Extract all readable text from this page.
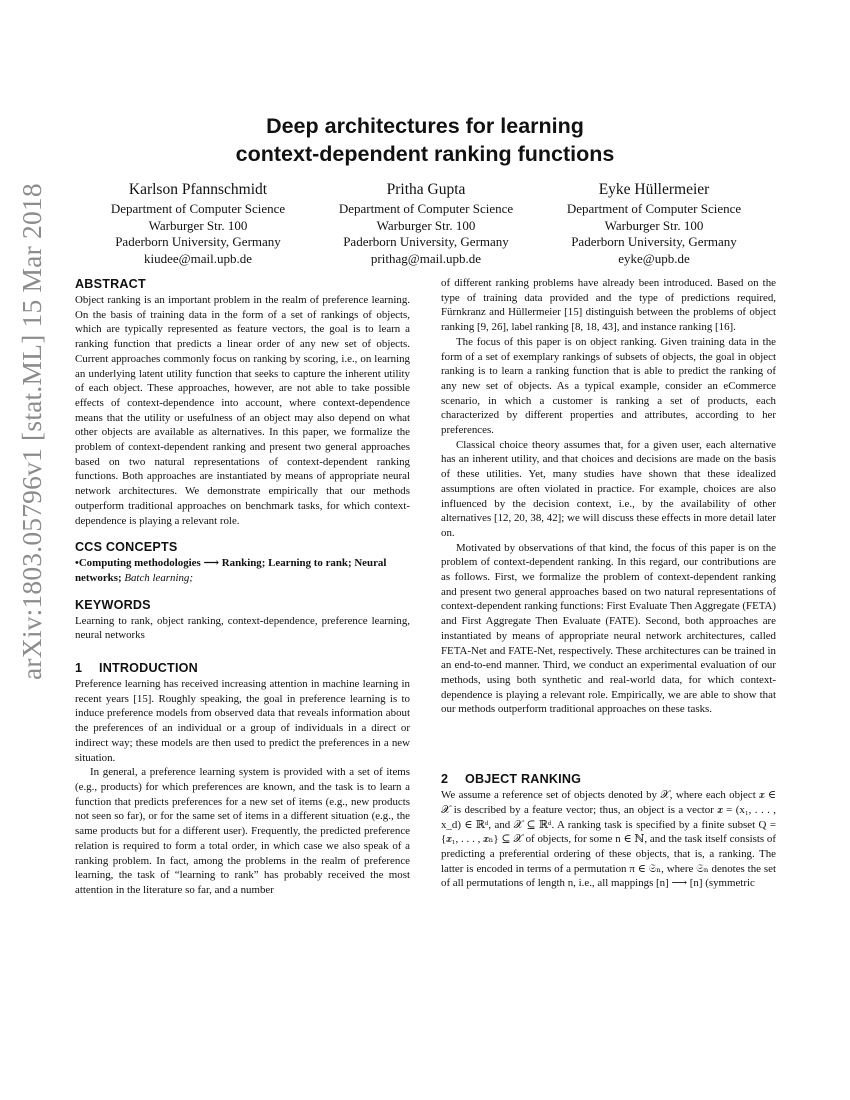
arXiv:1803.05796v1 [stat.ML] 15 Mar 2018
Deep architectures for learning
context-dependent ranking functions
Karlson Pfannschmidt
Department of Computer Science
Warburger Str. 100
Paderborn University, Germany
kiudee@mail.upb.de
Pritha Gupta
Department of Computer Science
Warburger Str. 100
Paderborn University, Germany
prithag@mail.upb.de
Eyke Hüllermeier
Department of Computer Science
Warburger Str. 100
Paderborn University, Germany
eyke@upb.de
ABSTRACT

Object ranking is an important problem in the realm of preference learning. On the basis of training data in the form of a set of rankings of objects, which are typically represented as feature vectors, the goal is to learn a ranking function that predicts a linear order of any new set of objects. Current approaches commonly focus on ranking by scoring, i.e., on learning an underlying latent utility function that seeks to capture the inherent utility of each object. These approaches, however, are not able to take possible effects of context-dependence into account, where context-dependence means that the utility or usefulness of an object may also depend on what other objects are available as alternatives. In this paper, we formalize the problem of context-dependent ranking and present two general approaches based on two natural representations of context-dependent ranking functions. Both approaches are instantiated by means of appropriate neural network architectures. We demonstrate empirically that our methods outperform traditional approaches on benchmark tasks, for which context-dependence is playing a relevant role.

CCS CONCEPTS

•Computing methodologies ⟶ Ranking; Learning to rank; Neural networks; Batch learning;

KEYWORDS

Learning to rank, object ranking, context-dependence, preference learning, neural networks

1 INTRODUCTION

Preference learning has received increasing attention in machine learning in recent years [15]. Roughly speaking, the goal in preference learning is to induce preference models from observed data that reveals information about the preferences of an individual or a group of individuals in a direct or indirect way; these models are then used to predict the preferences in a new situation.

In general, a preference learning system is provided with a set of items (e.g., products) for which preferences are known, and the task is to learn a function that predicts preferences for a new set of items (e.g., new products not seen so far), or for the same set of items in a different situation (e.g., the same products but for a different user). Frequently, the predicted preference relation is required to form a total order, in which case we also speak of a ranking problem. In fact, among the problems in the realm of preference learning, the task of “learning to rank” has probably received the most attention in the literature so far, and a number

of different ranking problems have already been introduced. Based on the type of training data provided and the type of predictions required, Fürnkranz and Hüllermeier [15] distinguish between the problems of object ranking [9, 26], label ranking [8, 18, 43], and instance ranking [16].

The focus of this paper is on object ranking. Given training data in the form of a set of exemplary rankings of subsets of objects, the goal in object ranking is to learn a ranking function that is able to predict the ranking of any new set of objects. As a typical example, consider an eCommerce scenario, in which a customer is ranking a set of products, each characterized by different properties and attributes, according to her preferences.

Classical choice theory assumes that, for a given user, each alternative has an inherent utility, and that choices and decisions are made on the basis of these utilities. Yet, many studies have shown that these idealized assumptions are often violated in practice. For example, choices are also influenced by the decision context, i.e., by the availability of other alternatives [12, 20, 38, 42]; we will discuss these effects in more detail later on.

Motivated by observations of that kind, the focus of this paper is on the problem of context-dependent ranking. In this regard, our contributions are as follows. First, we formalize the problem of context-dependent ranking and present two general approaches based on two natural representations of context-dependent ranking functions: First Evaluate Then Aggregate (FETA) and First Aggregate Then Evaluate (FATE). Second, both approaches are instantiated by means of appropriate neural network architectures, called FETA-Net and FATE-Net, respectively. These architectures can be trained in an end-to-end manner. Third, we conduct an experimental evaluation of our methods, using both synthetic and real-world data, for which context-dependence is playing a relevant role. Empirically, we are able to show that our methods outperform traditional approaches on these tasks.

2 OBJECT RANKING

We assume a reference set of objects denoted by 𝒳, where each object 𝒙 ∈ 𝒳 is described by a feature vector; thus, an object is a vector 𝒙 = (x₁, . . . , x_d) ∈ ℝᵈ, and 𝒳 ⊆ ℝᵈ. A ranking task is specified by a finite subset Q = {𝒙₁, . . . , 𝒙ₙ} ⊆ 𝒳 of objects, for some n ∈ ℕ, and the task itself consists of predicting a preferential ordering of these objects, that is, a ranking. The latter is encoded in terms of a permutation π ∈ 𝔖ₙ, where 𝔖ₙ denotes the set of all permutations of length n, i.e., all mappings [n] ⟶ [n] (symmetric
